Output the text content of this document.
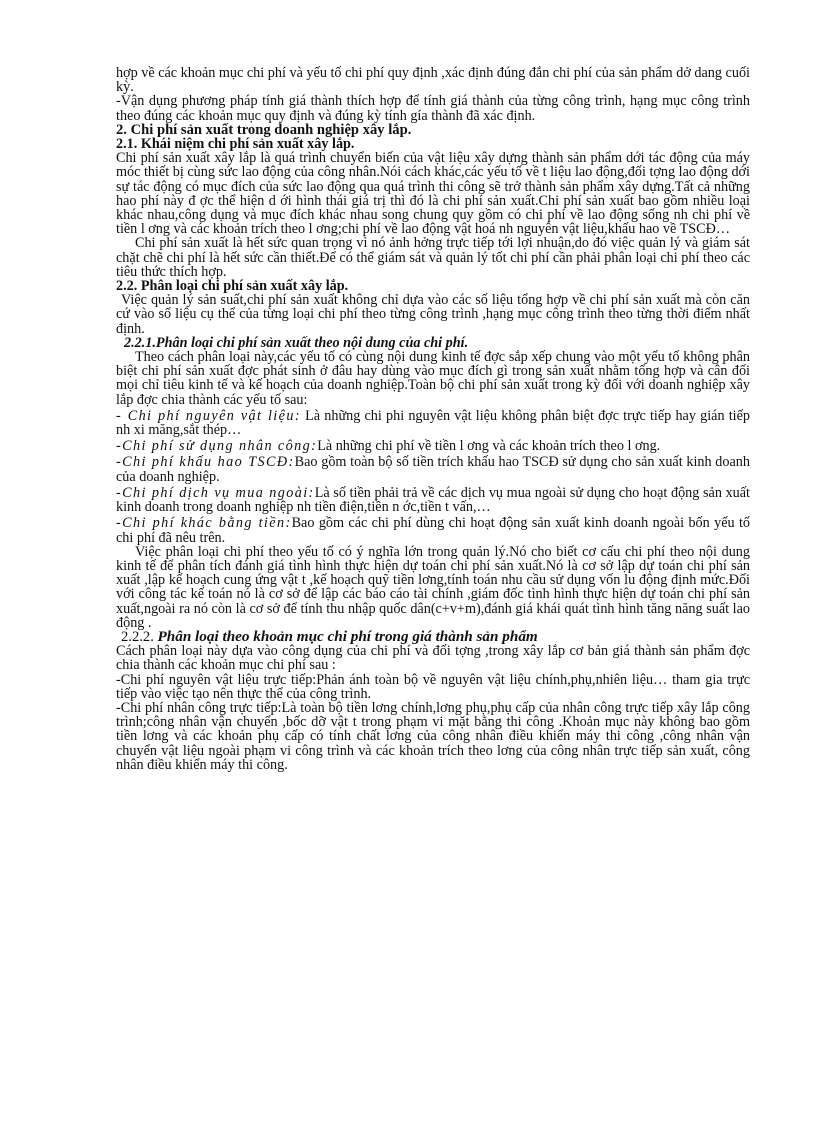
hợp về các khoản mục chi phí và yếu tố chi phí quy định ,xác định đúng đắn chi phí của sản phẩm dở dang cuối kỳ.

-Vận dụng phương pháp tính giá thành thích hợp để tính giá thành của từng công trình, hạng mục công trình theo đúng các khoản mục quy định và đúng kỳ tính gía thành đã xác định.

2. Chi phí sản xuất trong doanh nghiệp xây lắp.

2.1. Khái niệm chi phí sản xuất xây lắp.

Chi phí sản xuất xây lắp là quá trình chuyển biến của vật liệu xây dựng thành sản phẩm dới tác động của máy móc thiết bị cùng sức lao động của công nhân.Nói cách khác,các yếu tố về t liệu lao động,đối tợng lao động dới sự tác động có mục đích của sức lao động qua quá trình thi công sẽ trở thành sản phẩm xây dựng.Tất cả những hao phí này đ ợc thể hiện d ới hình thái giá trị thì đó là chi phí sản xuất.Chi phí sản xuất bao gồm nhiều loại khác nhau,công dụng và mục đích khác nhau song chung quy gồm có chi phí về lao động sống nh chi phí về tiền l ơng và các khoản trích theo l ơng;chi phí về lao động vật hoá nh nguyên vật liệu,khấu hao về TSCĐ…

Chi phí sản xuất là hết sức quan trọng vì nó ảnh hởng trực tiếp tới lợi nhuận,do đó việc quản lý và giám sát chặt chẽ chi phí là hết sức cần thiết.Để có thể giám sát và quản lý tốt chi phí cần phải phân loại chi phí theo các tiêu thức thích hợp.

2.2. Phân loại chi phí sản xuất xây lắp.

Việc quản lý sản suất,chi phí sản xuất không chỉ dựa vào các số liệu tổng hợp về chi phí sản xuất mà còn căn cứ vào số liệu cụ thể của từng loại chi phí theo từng công trình ,hạng mục công trình theo từng thời điểm nhất định.

2.2.1.Phân loại chi phí sản xuất theo nội dung của chi phí.

Theo cách phân loại này,các yếu tố có cùng nội dung kinh tế đợc sắp xếp chung vào một yếu tố không phân biệt chi phí sản xuất đợc phát sinh ở đâu hay dùng vào mục đích gì trong sản xuất nhằm tổng hợp và cân đối mọi chỉ tiêu kinh tế và kế hoạch của doanh nghiệp.Toàn bộ chi phí sản xuất trong kỳ đối với doanh nghiệp xây lắp đợc chia thành các yếu tố sau:

- Chi phí nguyên vật liệu: Là những chi phi nguyên vật liệu không phân biệt đợc trực tiếp hay gián tiếp nh xi măng,sắt thép…

-Chi phí sử dụng nhân công:Là những chi phí về tiền l ơng và các khoản trích theo l ơng.

-Chi phí khấu hao TSCĐ:Bao gồm toàn bộ số tiền trích khấu hao TSCĐ sử dụng cho sản xuất kinh doanh của doanh nghiệp.

-Chi phí dịch vụ mua ngoài:Là số tiền phải trả về các dịch vụ mua ngoài sử dụng cho hoạt động sản xuất kinh doanh trong doanh nghiệp nh tiền điện,tiền n ớc,tiền t vấn,…

-Chi phí khác bằng tiền:Bao gồm các chi phí dùng chi hoạt động sản xuất kinh doanh ngoài bốn yếu tố chi phí đã nêu trên.

Việc phân loại chi phí theo yếu tố có ý nghĩa lớn trong quản lý.Nó cho biết cơ cấu chi phí theo nội dung kinh tế để phân tích đánh giá tình hình thực hiện dự toán chi phí sản xuất.Nó là cơ sở lập dự toán chi phí sản xuất ,lập kế hoạch cung ứng vật t ,kế hoạch quỹ tiền lơng,tính toán nhu cầu sử dụng vốn lu động định mức.Đối với công tác kế toán nó là cơ sở để lập các báo cáo tài chính ,giám đốc tình hình thực hiện dự toán chi phí sản xuất,ngoài ra nó còn là cơ sở để tính thu nhập quốc dân(c+v+m),đánh giá khái quát tình hình tăng năng suất lao động .

2.2.2. Phân loại theo khoản mục chi phí trong giá thành sản phẩm

Cách phân loại này dựa vào công dụng của chi phí và đối tợng ,trong xây lắp cơ bản giá thành sản phẩm đợc chia thành các khoản mục chi phí sau :

-Chi phí nguyên vật liệu trực tiếp:Phản ánh toàn bộ về nguyên vật liệu chính,phụ,nhiên liệu… tham gia trực tiếp vào việc tạo nên thực thể của công trình.

-Chi phí nhân công trực tiếp:Là toàn bộ tiền lơng chính,lơng phụ,phụ cấp của nhân công trực tiếp xây lắp công trình;công nhân vận chuyển ,bốc dỡ vật t trong phạm vi mặt bằng thi công .Khoản mục này không bao gồm tiền lơng và các khoản phụ cấp có tính chất lơng của công nhân điều khiển máy thi công ,công nhân vận chuyển vật liệu ngoài phạm vi công trình và các khoản trích theo lơng của công nhân trực tiếp sản xuất, công nhân điều khiển máy thi công.
